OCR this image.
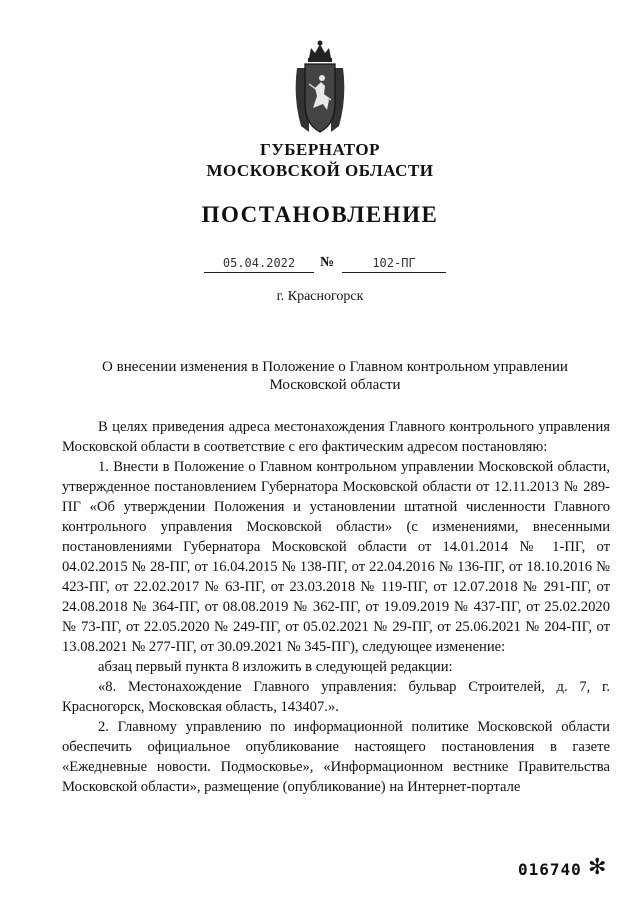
ГУБЕРНАТОР
МОСКОВСКОЙ ОБЛАСТИ
ПОСТАНОВЛЕНИЕ
05.04.2022	№	102-ПГ
г. Красногорск
О внесении изменения в Положение о Главном контрольном управлении
Московской области

В целях приведения адреса местонахождения Главного контрольного управления Московской области в соответствие с его фактическим адресом постановляю:

1. Внести в Положение о Главном контрольном управлении Московской области, утвержденное постановлением Губернатора Московской области от 12.11.2013 № 289-ПГ «Об утверждении Положения и установлении штатной численности Главного контрольного управления Московской области» (с изменениями, внесенными постановлениями Губернатора Московской области от 14.01.2014 № 1-ПГ, от 04.02.2015 № 28-ПГ, от 16.04.2015 № 138-ПГ, от 22.04.2016 № 136-ПГ, от 18.10.2016 № 423-ПГ, от 22.02.2017 № 63-ПГ, от 23.03.2018 № 119-ПГ, от 12.07.2018 № 291-ПГ, от 24.08.2018 № 364-ПГ, от 08.08.2019 № 362-ПГ, от 19.09.2019 № 437-ПГ, от 25.02.2020 № 73-ПГ, от 22.05.2020 № 249-ПГ, от 05.02.2021 № 29-ПГ, от 25.06.2021 № 204-ПГ, от 13.08.2021 № 277-ПГ, от 30.09.2021 № 345-ПГ), следующее изменение:

абзац первый пункта 8 изложить в следующей редакции:

«8. Местонахождение Главного управления: бульвар Строителей, д. 7, г. Красногорск, Московская область, 143407.».

2. Главному управлению по информационной политике Московской области обеспечить официальное опубликование настоящего постановления в газете «Ежедневные новости. Подмосковье», «Информационном вестнике Правительства Московской области», размещение (опубликование) на Интернет-портале

016740 ✻
